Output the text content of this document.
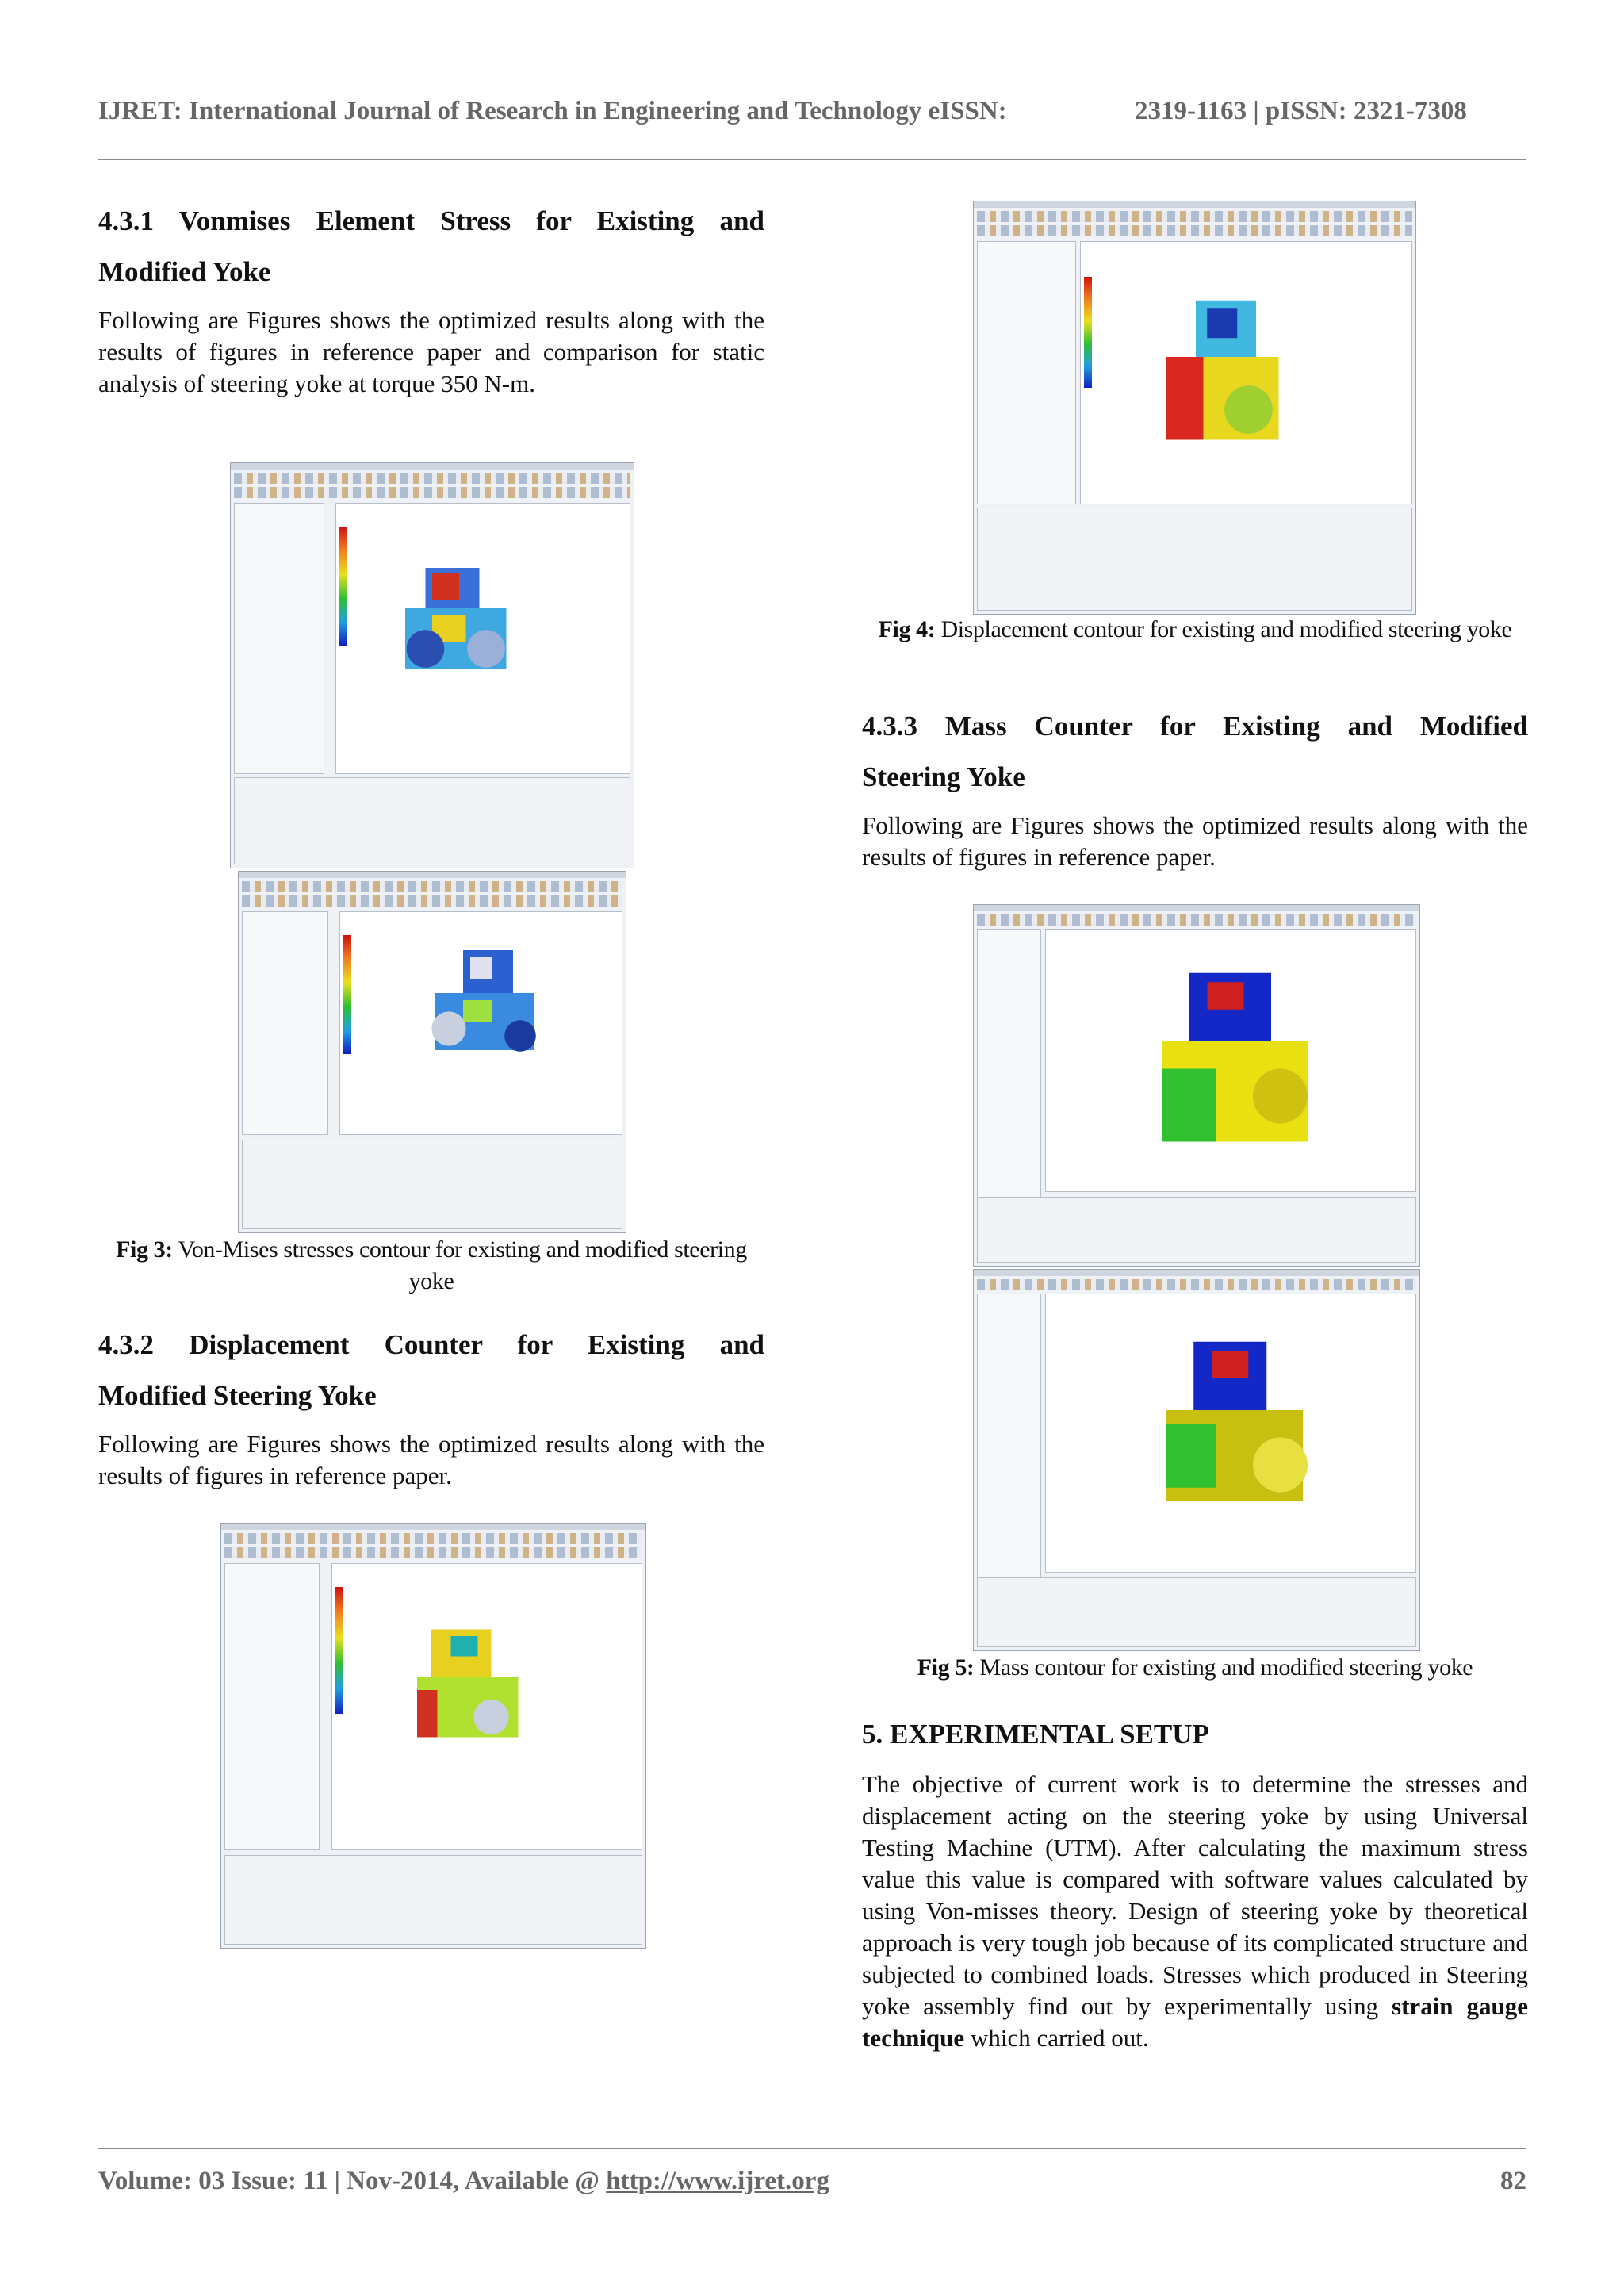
IJRET: International Journal of Research in Engineering and Technology eISSN:	2319-1163 | pISSN: 2321-7308
4.3.1 Vonmises Element Stress for Existing and
Modified Yoke
Following are Figures shows the optimized results along with the results of figures in reference paper and comparison for static analysis of steering yoke at torque 350 N-m.
Fig 3: Von-Mises stresses contour for existing and modified steering yoke
4.3.2 Displacement Counter for Existing and
Modified Steering Yoke
Following are Figures shows the optimized results along with the results of figures in reference paper.
Fig 4: Displacement contour for existing and modified steering yoke
4.3.3 Mass Counter for Existing and Modified
Steering Yoke
Following are Figures shows the optimized results along with the results of figures in reference paper.
Fig 5: Mass contour for existing and modified steering yoke
5. EXPERIMENTAL SETUP
The objective of current work is to determine the stresses and displacement acting on the steering yoke by using Universal Testing Machine (UTM). After calculating the maximum stress value this value is compared with software values calculated by using Von-misses theory. Design of steering yoke by theoretical approach is very tough job because of its complicated structure and subjected to combined loads. Stresses which produced in Steering yoke assembly find out by experimentally using strain gauge technique which carried out.
Volume: 03 Issue: 11 | Nov-2014, Available @ http://www.ijret.org	82
